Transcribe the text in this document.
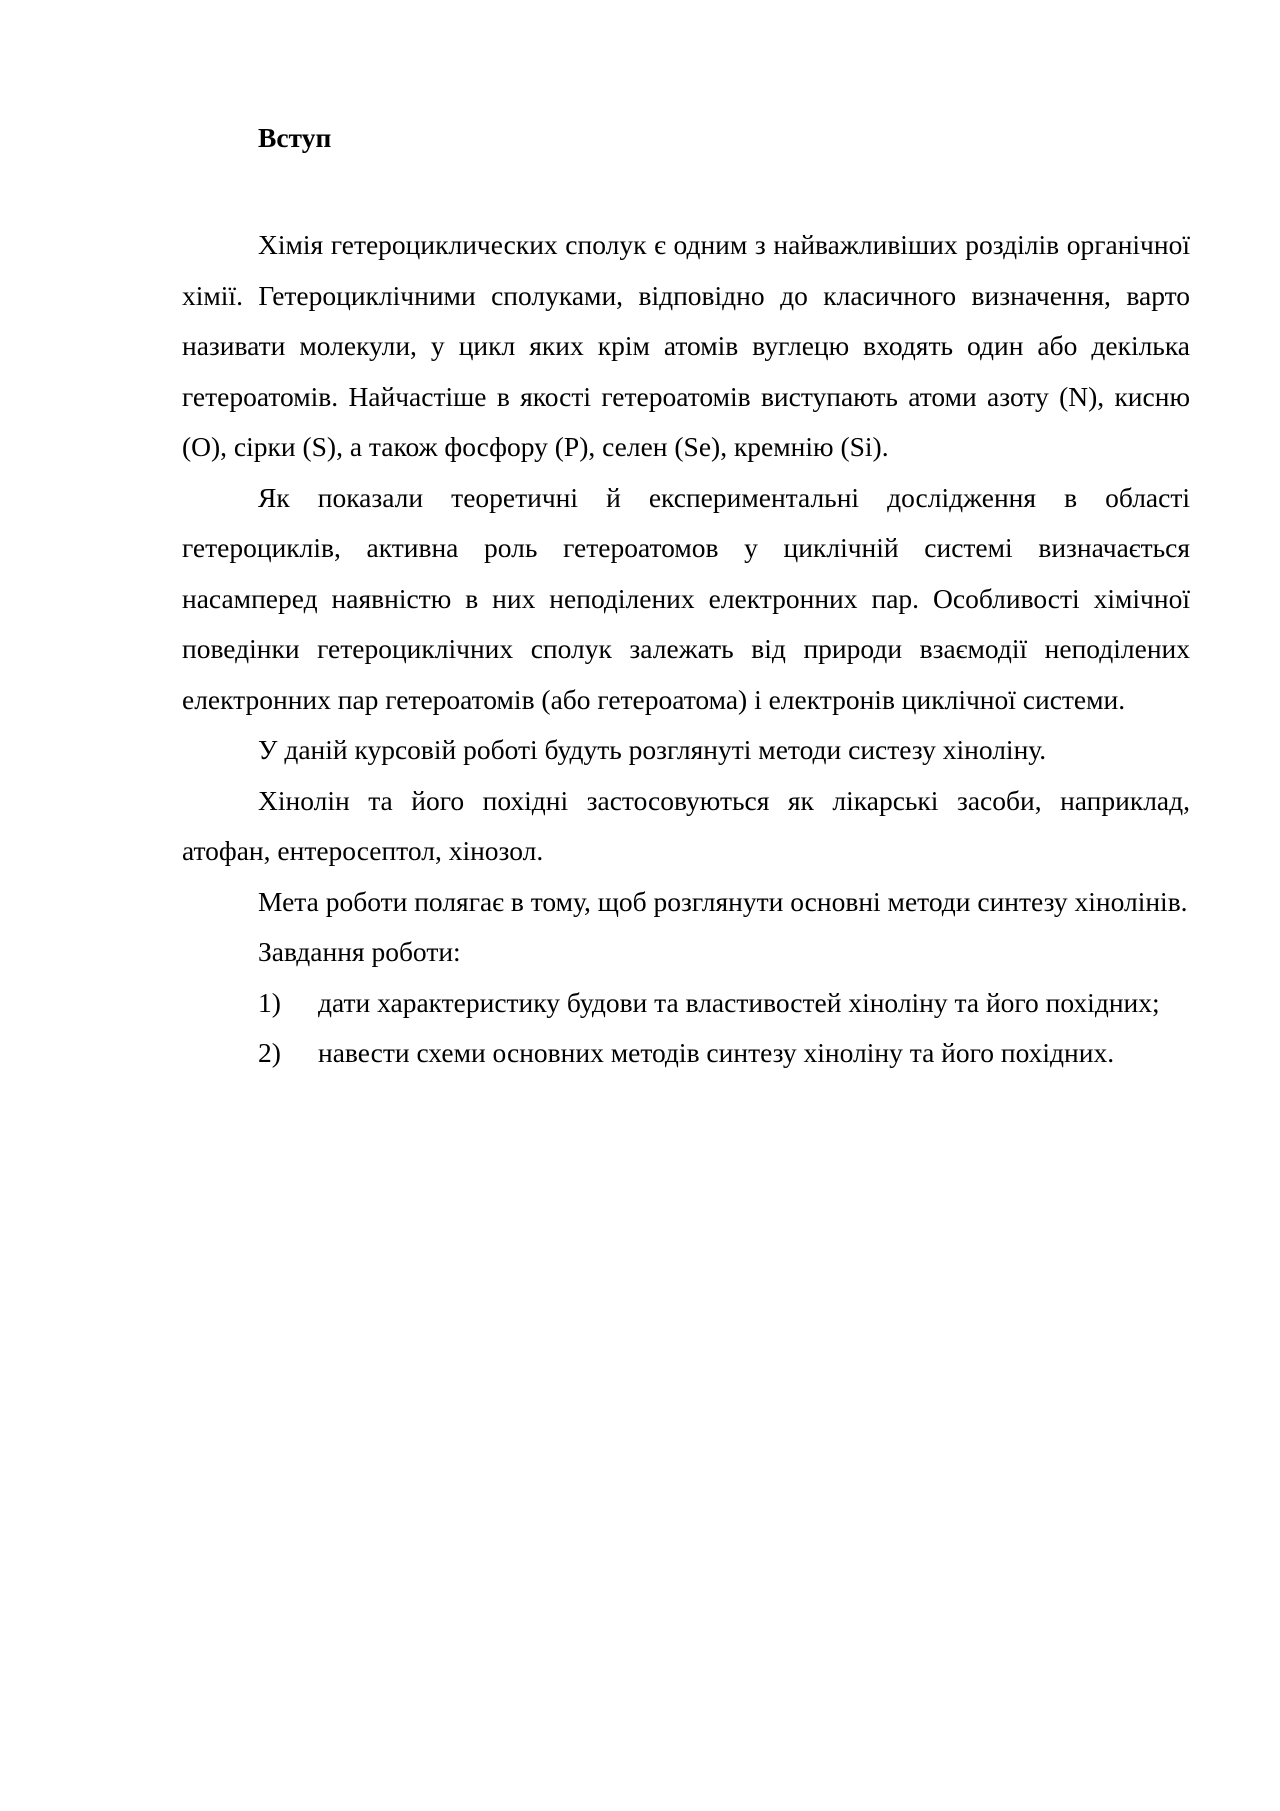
Вступ

Хімія гетероциклических сполук є одним з найважливіших розділів органічної хімії. Гетероциклічними сполуками, відповідно до класичного визначення, варто називати молекули, у цикл яких крім атомів вуглецю входять один або декілька гетероатомів. Найчастіше в якості гетероатомів виступають атоми азоту (N), кисню (O), сірки (S), а також фосфору (P), селен (Se), кремнію (Si).

Як показали теоретичні й експериментальні дослідження в області гетероциклів, активна роль гетероатомов у циклічній системі визначається насамперед наявністю в них неподілених електронних пар. Особливості хімічної поведінки гетероциклічних сполук залежать від природи взаємодії неподілених електронних пар гетероатомів (або гетероатома) і електронів циклічної системи.

У даній курсовій роботі будуть розглянуті методи систезу хіноліну.

Хінолін та його похідні застосовуються як лікарські засоби, наприклад, атофан, ентеросептол, хінозол.

Мета роботи полягає в тому, щоб розглянути основні методи синтезу хінолінів.

Завдання роботи:

1) дати характеристику будови та властивостей хіноліну та його похідних;

2) навести схеми основних методів синтезу хіноліну та його похідних.
